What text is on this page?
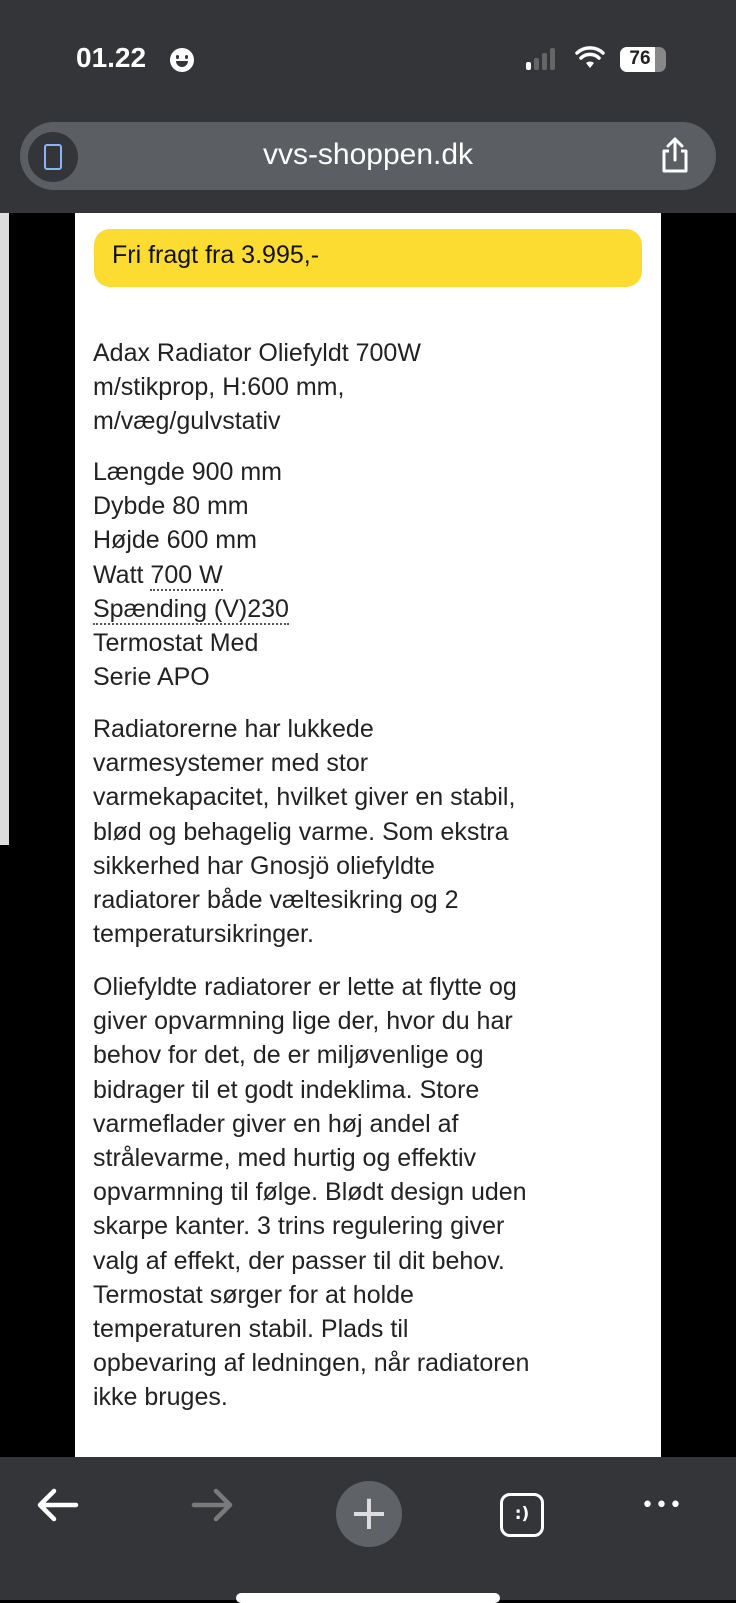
01.22	76
vvs-shoppen.dk
Fri fragt fra 3.995,-
Adax Radiator Oliefyldt 700W
m/stikprop, H:600 mm,
m/væg/gulvstativ
Længde 900 mm
Dybde 80 mm
Højde 600 mm
Watt 700 W
Spænding (V)230
Termostat Med
Serie APO
Radiatorerne har lukkede
varmesystemer med stor
varmekapacitet, hvilket giver en stabil,
blød og behagelig varme. Som ekstra
sikkerhed har Gnosjö oliefyldte
radiatorer både væltesikring og 2
temperatursikringer.
Oliefyldte radiatorer er lette at flytte og
giver opvarmning lige der, hvor du har
behov for det, de er miljøvenlige og
bidrager til et godt indeklima. Store
varmeflader giver en høj andel af
strålevarme, med hurtig og effektiv
opvarmning til følge. Blødt design uden
skarpe kanter. 3 trins regulering giver
valg af effekt, der passer til dit behov.
Termostat sørger for at holde
temperaturen stabil. Plads til
opbevaring af ledningen, når radiatoren
ikke bruges.
+	:)	•••
